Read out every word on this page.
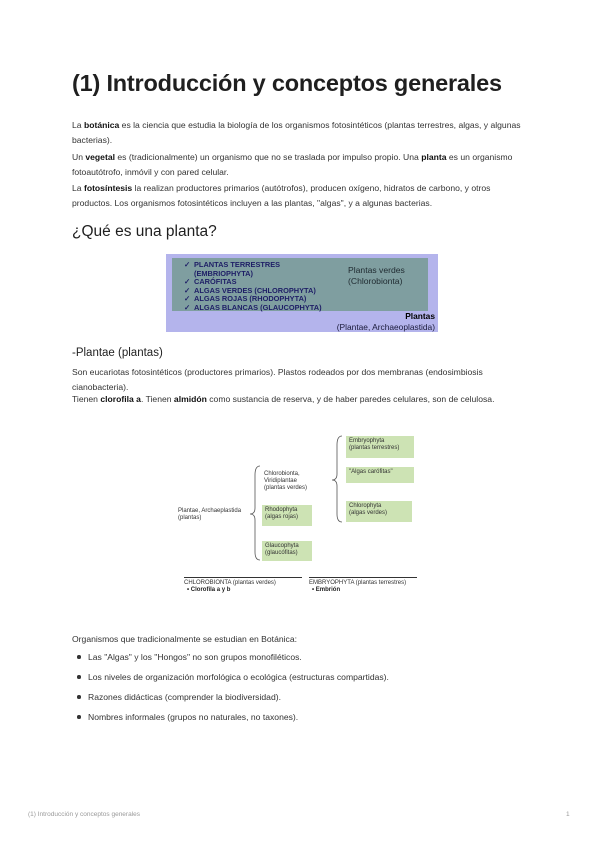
(1) Introducción y conceptos generales

La botánica es la ciencia que estudia la biología de los organismos fotosintéticos (plantas terrestres, algas, y algunas bacterias).

Un vegetal es (tradicionalmente) un organismo que no se traslada por impulso propio. Una planta es un organismo fotoautótrofo, inmóvil y con pared celular.

La fotosíntesis la realizan productores primarios (autótrofos), producen oxígeno, hidratos de carbono, y otros productos. Los organismos fotosintéticos incluyen a las plantas, "algas", y a algunas bacterias.

¿Qué es una planta?
✓ PLANTAS TERRESTRES
(EMBRIOPHYTA)
✓ CARÓFITAS
✓ ALGAS VERDES (CHLOROPHYTA)
✓ ALGAS ROJAS (RHODOPHYTA)
✓ ALGAS BLANCAS (GLAUCOPHYTA)
Plantas verdes
(Chlorobionta)
Plantas
(Plantae, Archaeoplastida)
-Plantae (plantas)

Son eucariotas fotosintéticos (productores primarios). Plastos rodeados por dos membranas (endosimbiosis cianobacteria).

Tienen clorofila a. Tienen almidón como sustancia de reserva, y de haber paredes celulares, son de celulosa.

Plantae, Archaeplastida
(plantas)
Chlorobionta,
Viridiplantae
(plantas verdes)
Rhodophyta
(algas rojas)
Glaucophyta
(glaucófitas)
Embryophyta
(plantas terrestres)
"Algas carófitas"
Chlorophyta
(algas verdes)
CHLOROBIONTA (plantas verdes)
• Clorofila a y b
EMBRYOPHYTA (plantas terrestres)
• Embrión

Organismos que tradicionalmente se estudian en Botánica:

Las "Algas" y los "Hongos" no son grupos monofiléticos.
Los niveles de organización morfológica o ecológica (estructuras compartidas).
Razones didácticas (comprender la biodiversidad).
Nombres informales (grupos no naturales, no taxones).
(1) Introducción y conceptos generales	1
